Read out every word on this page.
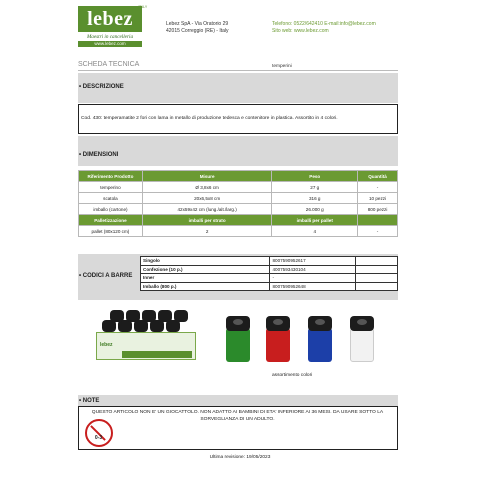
lebez
Maestri in cancelleria
www.lebez.com
ITALY
Lebez SpA - Via Oratorio 29
42015 Correggio (RE) - Italy
Telefono: 0522/642410 E-mail:info@lebez.com
Sito web: www.lebez.com
SCHEDA TECNICA	temperini
• DESCRIZIONE
Cod. 430: temperamatite 2 fori con lama in metallo di produzione tedesca e contenitore in plastica. Assortito in 4 colori.
• DIMENSIONI
Riferimento Prodotto	Misure	Peso	Quantità
temperino	Ø 3,8x6 cm	27 g	-
scatola	20x6,5x8 cm	316 g	10 pezzi
imballo (cartone)	42x59x42 cm (lung./alt./larg.)	26.000 g	800 pezzi
Palletizzazione	imballi per strato	imballi per pallet	
pallet (80x120 cm)	2	4	-
• CODICI A BARRE
Singolo	8007590952617	
Confezione (10 p.)	4007593430104	
Inner	-	
Imballo (800 p.)	8007590952648	
lebez
assortimento colori
• NOTE
QUESTO ARTICOLO NON E' UN GIOCATTOLO. NON ADATTO AI BAMBINI DI ETA' INFERIORE AI 36 MESI. DA USARE SOTTO LA
SORVEGLIANZA DI UN ADULTO.
0-3
Ultima revisione: 19/05/2023
